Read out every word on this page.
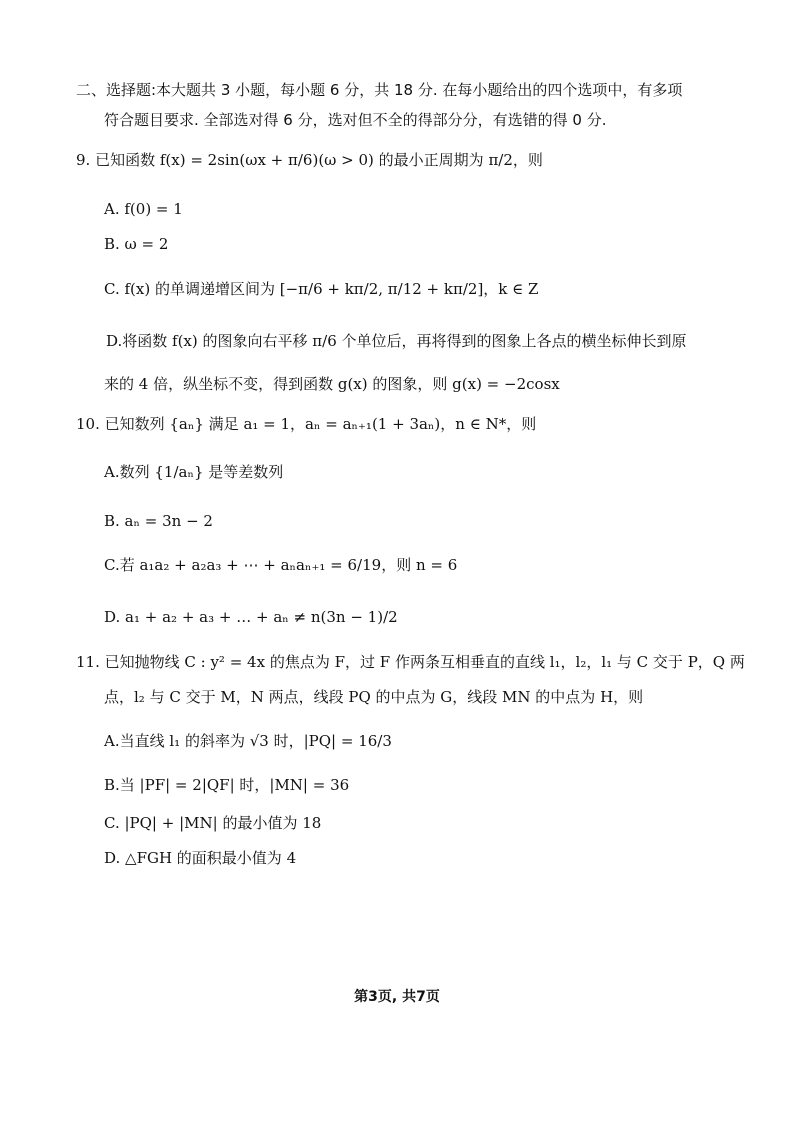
二、选择题:本大题共 3 小题，每小题 6 分，共 18 分. 在每小题给出的四个选项中，有多项
符合题目要求. 全部选对得 6 分，选对但不全的得部分分，有选错的得 0 分.
9. 已知函数 f(x) = 2sin(ωx + π/6)(ω > 0) 的最小正周期为 π/2，则
A. f(0) = 1
B. ω = 2
C. f(x) 的单调递增区间为 [−π/6 + kπ/2, π/12 + kπ/2]，k ∈ Z
D.将函数 f(x) 的图象向右平移 π/6 个单位后，再将得到的图象上各点的横坐标伸长到原
来的 4 倍，纵坐标不变，得到函数 g(x) 的图象，则 g(x) = −2cosx
10. 已知数列 {aₙ} 满足 a₁ = 1，aₙ = aₙ₊₁(1 + 3aₙ)，n ∈ N*，则
A.数列 {1/aₙ} 是等差数列
B. aₙ = 3n − 2
C.若 a₁a₂ + a₂a₃ + ⋯ + aₙaₙ₊₁ = 6/19，则 n = 6
D. a₁ + a₂ + a₃ + … + aₙ ≠ n(3n − 1)/2
11. 已知抛物线 C : y² = 4x 的焦点为 F，过 F 作两条互相垂直的直线 l₁，l₂，l₁ 与 C 交于 P，Q 两
点，l₂ 与 C 交于 M，N 两点，线段 PQ 的中点为 G，线段 MN 的中点为 H，则
A.当直线 l₁ 的斜率为 √3 时，|PQ| = 16/3
B.当 |PF| = 2|QF| 时，|MN| = 36
C. |PQ| + |MN| 的最小值为 18
D. △FGH 的面积最小值为 4
第3页, 共7页
